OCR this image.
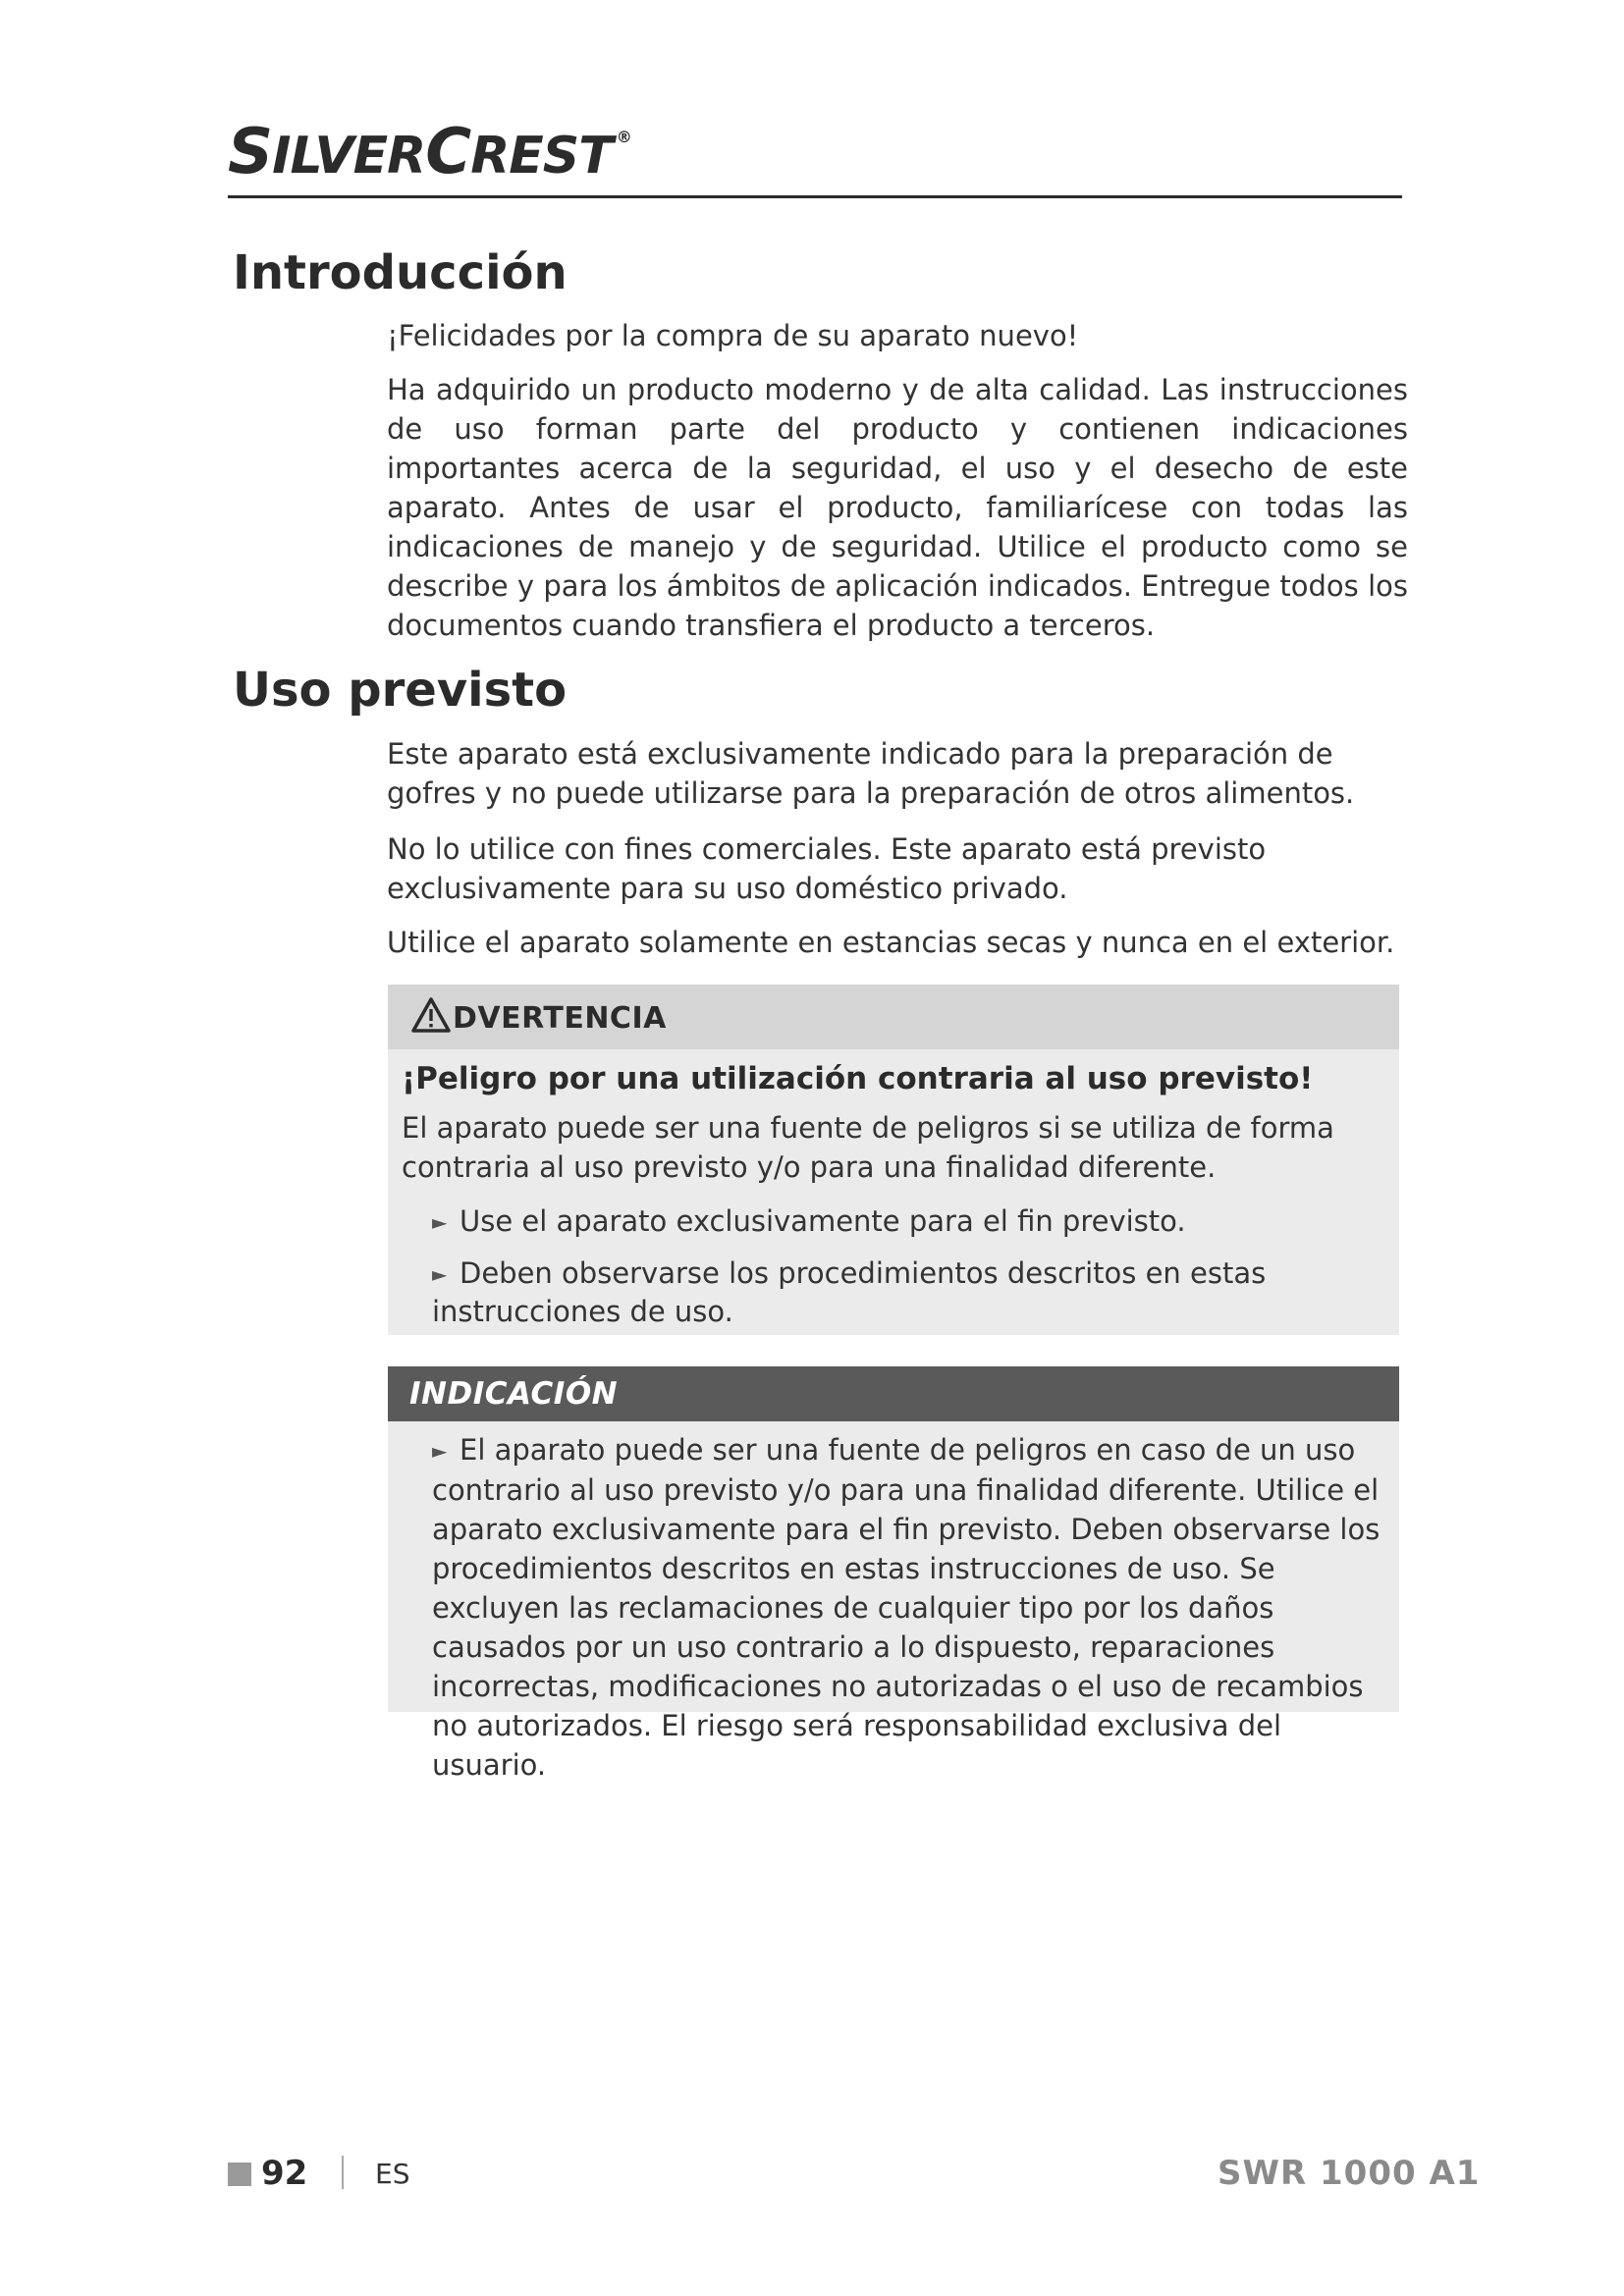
SILVERCREST ®
Introducción

¡Felicidades por la compra de su aparato nuevo!

Ha adquirido un producto moderno y de alta calidad. Las instrucciones de uso forman parte del producto y contienen indicaciones importantes acerca de la seguridad, el uso y el desecho de este aparato. Antes de usar el producto, familiarícese con todas las indicaciones de manejo y de seguridad. Utilice el producto como se describe y para los ámbitos de aplicación indicados. Entregue todos los documentos cuando transfiera el producto a terceros.

Uso previsto

Este aparato está exclusivamente indicado para la preparación de gofres y no puede utilizarse para la preparación de otros alimentos.

No lo utilice con fines comerciales. Este aparato está previsto exclusivamente para su uso doméstico privado.

Utilice el aparato solamente en estancias secas y nunca en el exterior.

DVERTENCIA
¡Peligro por una utilización contraria al uso previsto!
El aparato puede ser una fuente de peligros si se utiliza de forma contraria al uso previsto y/o para una finalidad diferente.
► Use el aparato exclusivamente para el fin previsto.
► Deben observarse los procedimientos descritos en estas instrucciones de uso.
INDICACIÓN
► El aparato puede ser una fuente de peligros en caso de un uso contrario al uso previsto y/o para una finalidad diferente. Utilice el aparato exclusivamente para el fin previsto. Deben observarse los procedimientos descritos en estas instrucciones de uso. Se excluyen las reclamaciones de cualquier tipo por los daños causados por un uso contrario a lo dispuesto, reparaciones incorrectas, modificaciones no autorizadas o el uso de recambios no autorizados. El riesgo será responsabilidad exclusiva del usuario.
92 ES	SWR 1000 A1
